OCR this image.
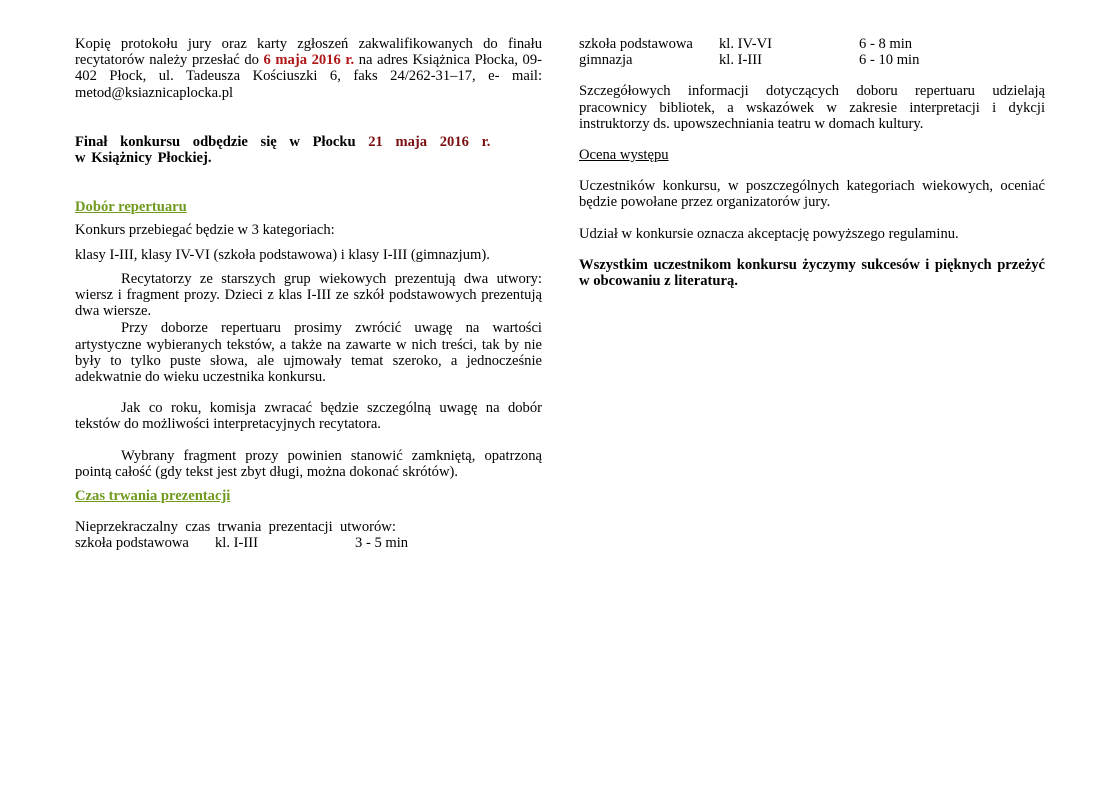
Kopię protokołu jury oraz karty zgłoszeń zakwalifikowanych do finału recytatorów należy przesłać do 6 maja 2016 r. na adres Książnica Płocka, 09-402 Płock, ul. Tadeusza Kościuszki 6, faks 24/262-31–17, e- mail: metod@ksiaznicaplocka.pl

Finał konkursu odbędzie się w Płocku 21 maja 2016 r.
w Książnicy Płockiej.

Dobór repertuaru

Konkurs przebiegać będzie w 3 kategoriach:

klasy I-III, klasy IV-VI (szkoła podstawowa) i klasy I-III (gimnazjum).

Recytatorzy ze starszych grup wiekowych prezentują dwa utwory: wiersz i fragment prozy. Dzieci z klas I-III ze szkół podstawowych prezentują dwa wiersze.

Przy doborze repertuaru prosimy zwrócić uwagę na wartości artystyczne wybieranych tekstów, a także na zawarte w nich treści, tak by nie były to tylko puste słowa, ale ujmowały temat szeroko, a jednocześnie adekwatnie do wieku uczestnika konkursu.

Jak co roku, komisja zwracać będzie szczególną uwagę na dobór tekstów do możliwości interpretacyjnych recytatora.

Wybrany fragment prozy powinien stanowić zamkniętą, opatrzoną pointą całość (gdy tekst jest zbyt długi, można dokonać skrótów).

Czas trwania prezentacji

Nieprzekraczalny  czas  trwania  prezentacji  utworów:

szkoła podstawowa	kl. I-III	3 - 5 min
szkoła podstawowa	kl. IV-VI	6 - 8 min
gimnazja	kl. I-III	6 - 10 min

Szczegółowych informacji dotyczących doboru repertuaru udzielają pracownicy bibliotek, a wskazówek w zakresie interpretacji i dykcji instruktorzy ds. upowszechniania teatru w domach kultury.

Ocena występu

Uczestników konkursu, w poszczególnych kategoriach wiekowych, oceniać będzie powołane przez organizatorów jury.

Udział w konkursie oznacza akceptację powyższego regulaminu.

Wszystkim uczestnikom konkursu życzymy sukcesów i pięknych przeżyć w obcowaniu z literaturą.
